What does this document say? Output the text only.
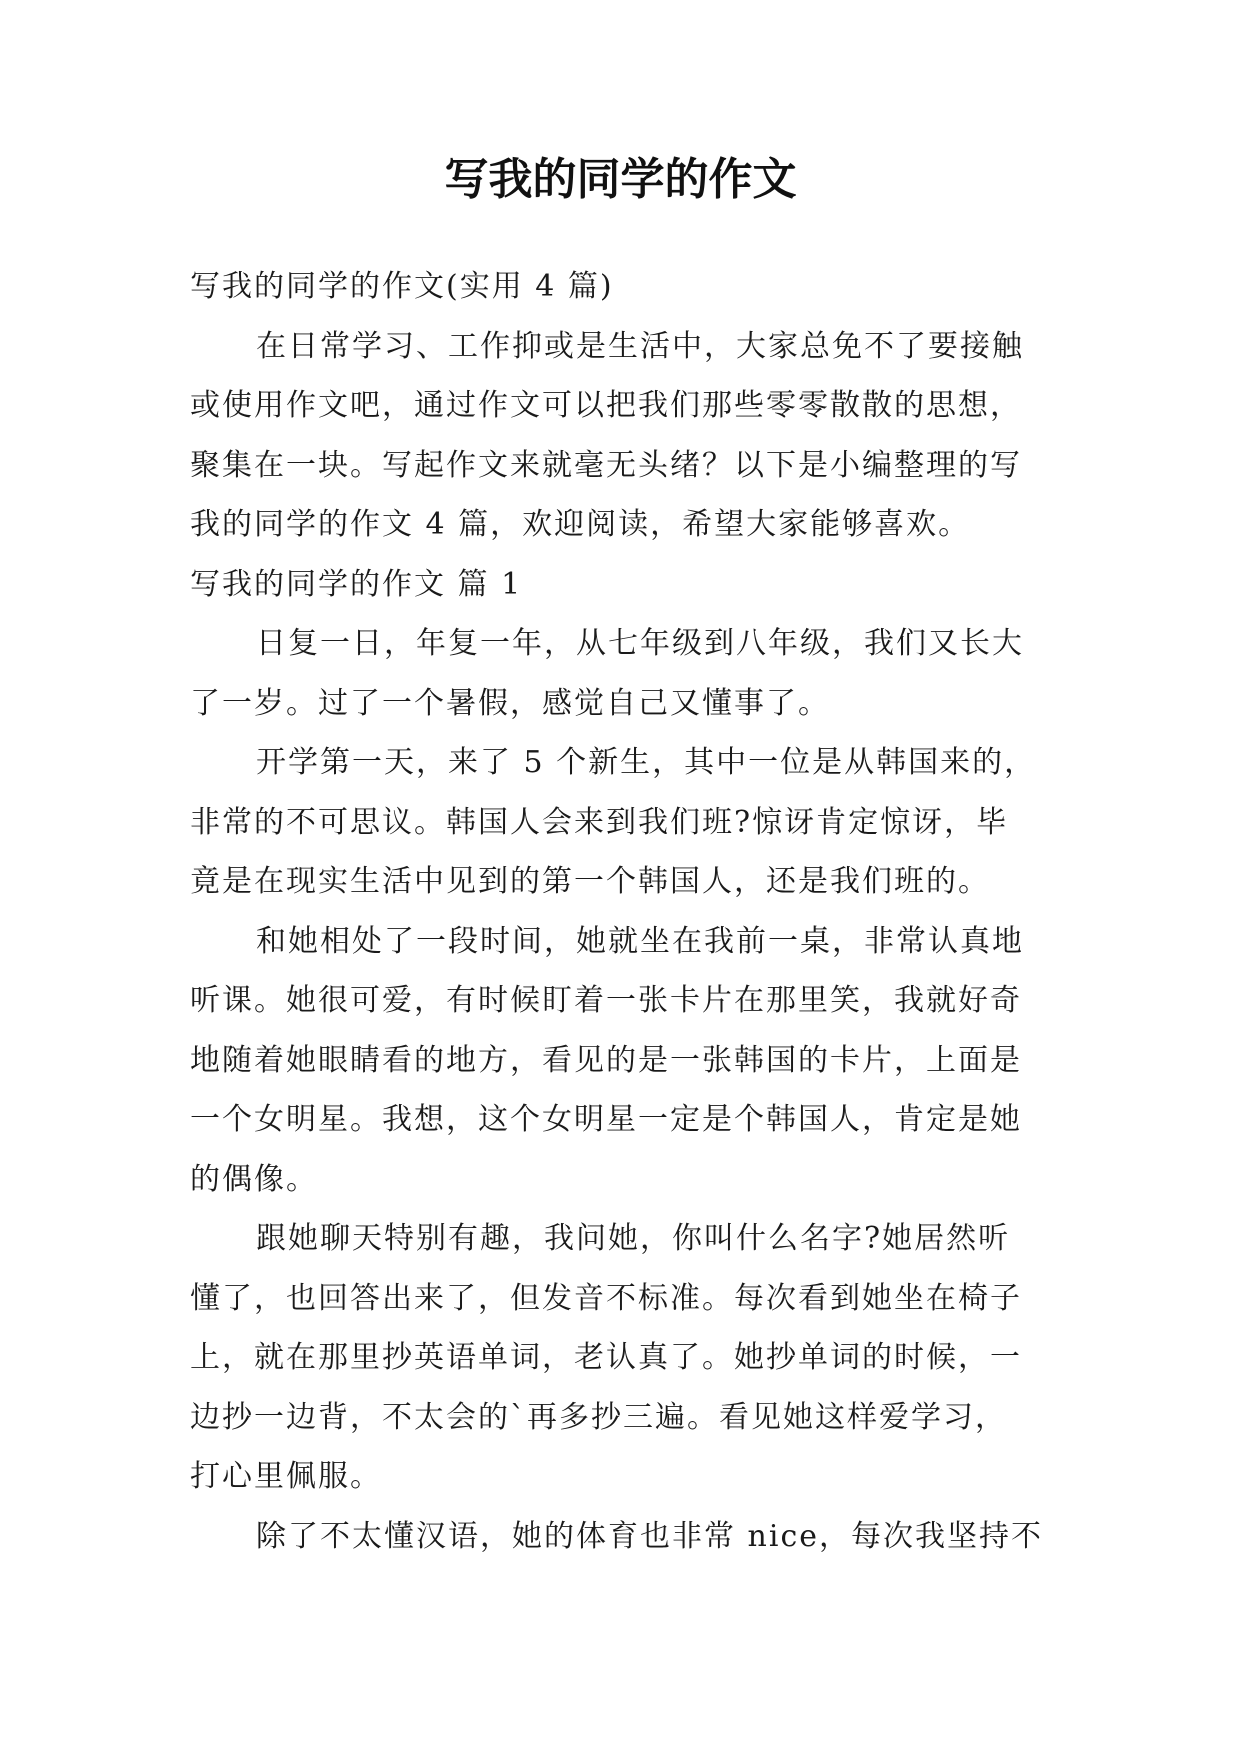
写我的同学的作文

写我的同学的作文(实用 4 篇)

在日常学习、工作抑或是生活中，大家总免不了要接触

或使用作文吧，通过作文可以把我们那些零零散散的思想，

聚集在一块。写起作文来就毫无头绪？以下是小编整理的写

我的同学的作文 4 篇，欢迎阅读，希望大家能够喜欢。

写我的同学的作文 篇 1

日复一日，年复一年，从七年级到八年级，我们又长大

了一岁。过了一个暑假，感觉自己又懂事了。

开学第一天，来了 5 个新生，其中一位是从韩国来的，

非常的不可思议。韩国人会来到我们班?惊讶肯定惊讶，毕

竟是在现实生活中见到的第一个韩国人，还是我们班的。

和她相处了一段时间，她就坐在我前一桌，非常认真地

听课。她很可爱，有时候盯着一张卡片在那里笑，我就好奇

地随着她眼睛看的地方，看见的是一张韩国的卡片，上面是

一个女明星。我想，这个女明星一定是个韩国人，肯定是她

的偶像。

跟她聊天特别有趣，我问她，你叫什么名字?她居然听

懂了，也回答出来了，但发音不标准。每次看到她坐在椅子

上，就在那里抄英语单词，老认真了。她抄单词的时候，一

边抄一边背，不太会的`再多抄三遍。看见她这样爱学习，

打心里佩服。

除了不太懂汉语，她的体育也非常 nice，每次我坚持不
